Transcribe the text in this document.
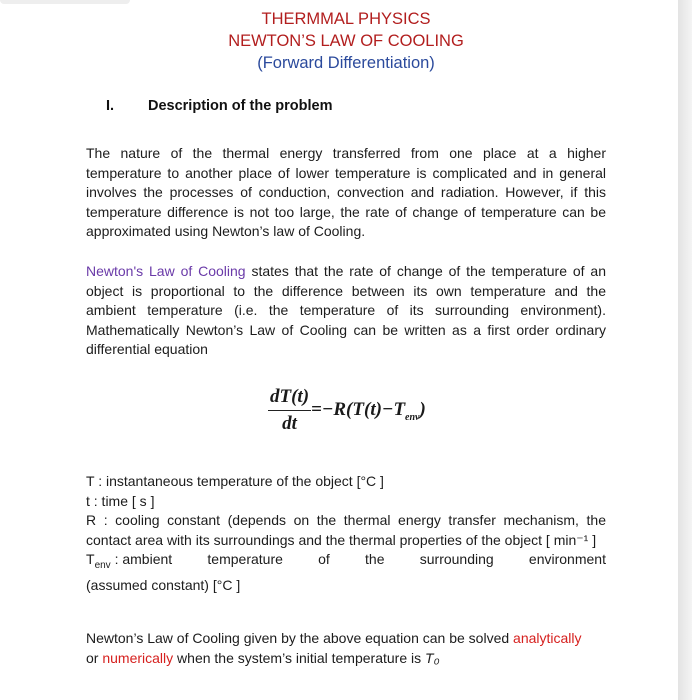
THERMMAL PHYSICS
NEWTON’S LAW OF COOLING
(Forward Differentiation)
I. Description of the problem
The nature of the thermal energy transferred from one place at a higher temperature to another place of lower temperature is complicated and in general involves the processes of conduction, convection and radiation. However, if this temperature difference is not too large, the rate of change of temperature can be approximated using Newton’s law of Cooling.
Newton's Law of Cooling states that the rate of change of the temperature of an object is proportional to the difference between its own temperature and the ambient temperature (i.e. the temperature of its surrounding environment). Mathematically Newton’s Law of Cooling can be written as a first order ordinary differential equation
$\frac{dT(t)}{dt} =-R(T(t)-T_{env})$
T : instantaneous temperature of the object [°C ]
t : time [ s ]
R : cooling constant (depends on the thermal energy transfer mechanism, the contact area with its surroundings and the thermal properties of the object [ min⁻¹ ]
$T_{env}$ : ambient	temperature	of	the	surrounding	environment
(assumed constant) [°C ]
Newton’s Law of Cooling given by the above equation can be solved analytically
or numerically when the system’s initial temperature is T₀
